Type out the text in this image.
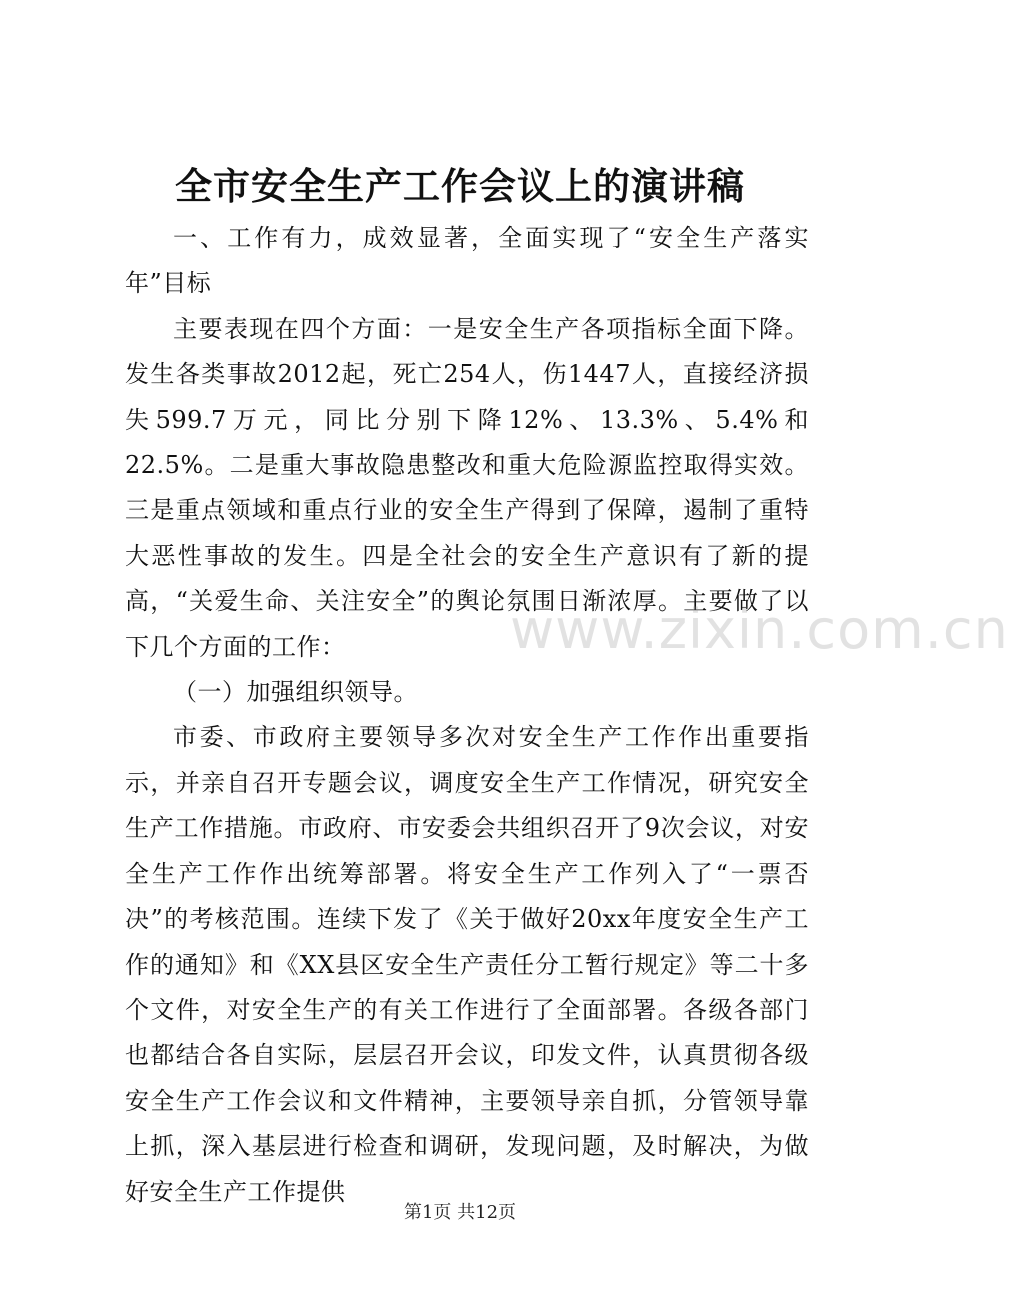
全市安全生产工作会议上的演讲稿

一、工作有力，成效显著，全面实现了“安全生产落实年”目标

主要表现在四个方面：一是安全生产各项指标全面下降。发生各类事故2012起，死亡254人，伤1447人，直接经济损失599.7万元，同比分别下降12%、13.3%、5.4%和22.5%。二是重大事故隐患整改和重大危险源监控取得实效。三是重点领域和重点行业的安全生产得到了保障，遏制了重特大恶性事故的发生。四是全社会的安全生产意识有了新的提高，“关爱生命、关注安全”的舆论氛围日渐浓厚。主要做了以下几个方面的工作：

（一）加强组织领导。

市委、市政府主要领导多次对安全生产工作作出重要指示，并亲自召开专题会议，调度安全生产工作情况，研究安全生产工作措施。市政府、市安委会共组织召开了9次会议，对安全生产工作作出统筹部署。将安全生产工作列入了“一票否决”的考核范围。连续下发了《关于做好20xx年度安全生产工作的通知》和《XX县区安全生产责任分工暂行规定》等二十多个文件，对安全生产的有关工作进行了全面部署。各级各部门也都结合各自实际，层层召开会议，印发文件，认真贯彻各级安全生产工作会议和文件精神，主要领导亲自抓，分管领导靠上抓，深入基层进行检查和调研，发现问题，及时解决，为做好安全生产工作提供

www.zixin.com.cn
第1页 共12页
